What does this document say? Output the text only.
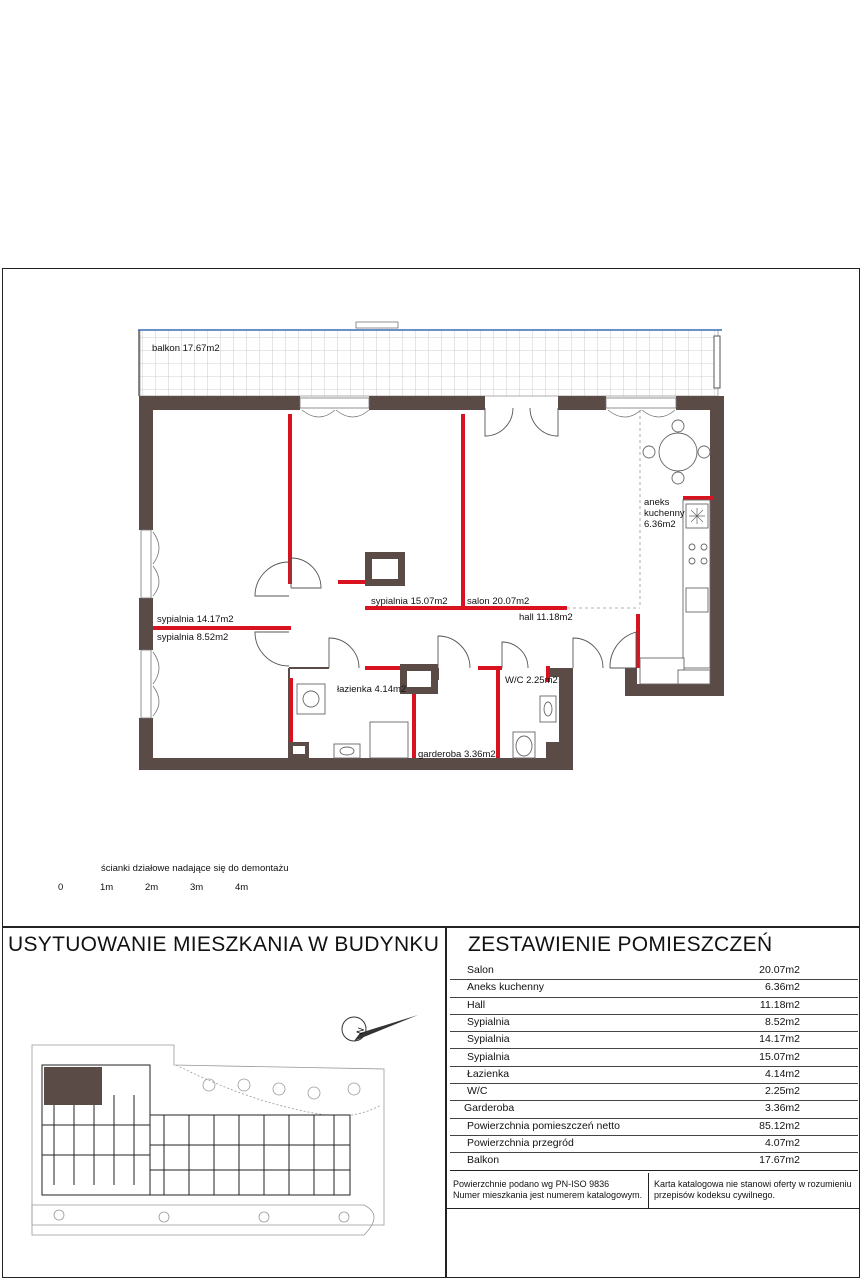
balkon 17.67m2
aneks
kuchenny
6.36m2
sypialnia 15.07m2 salon 20.07m2
hall 11.18m2
sypialnia 14.17m2
sypialnia 8.52m2
łazienka 4.14m2
W/C 2.25m2
garderoba 3.36m2
ścianki działowe nadające się do demontażu
0	1m	2m	3m	4m
USYTUOWANIE MIESZKANIA W BUDYNKU ZESTAWIENIE POMIESZCZEŃ
N
Salon	20.07m2
Aneks kuchenny	6.36m2
Hall	11.18m2
Sypialnia	8.52m2
Sypialnia	14.17m2
Sypialnia	15.07m2
Łazienka	4.14m2
W/C	2.25m2
Garderoba	3.36m2
Powierzchnia pomieszczeń netto	85.12m2
Powierzchnia przegród	4.07m2
Balkon	17.67m2
Powierzchnie podano wg PN-ISO 9836
Numer mieszkania jest numerem katalogowym.
Karta katalogowa nie stanowi oferty w rozumieniu
przepisów kodeksu cywilnego.
